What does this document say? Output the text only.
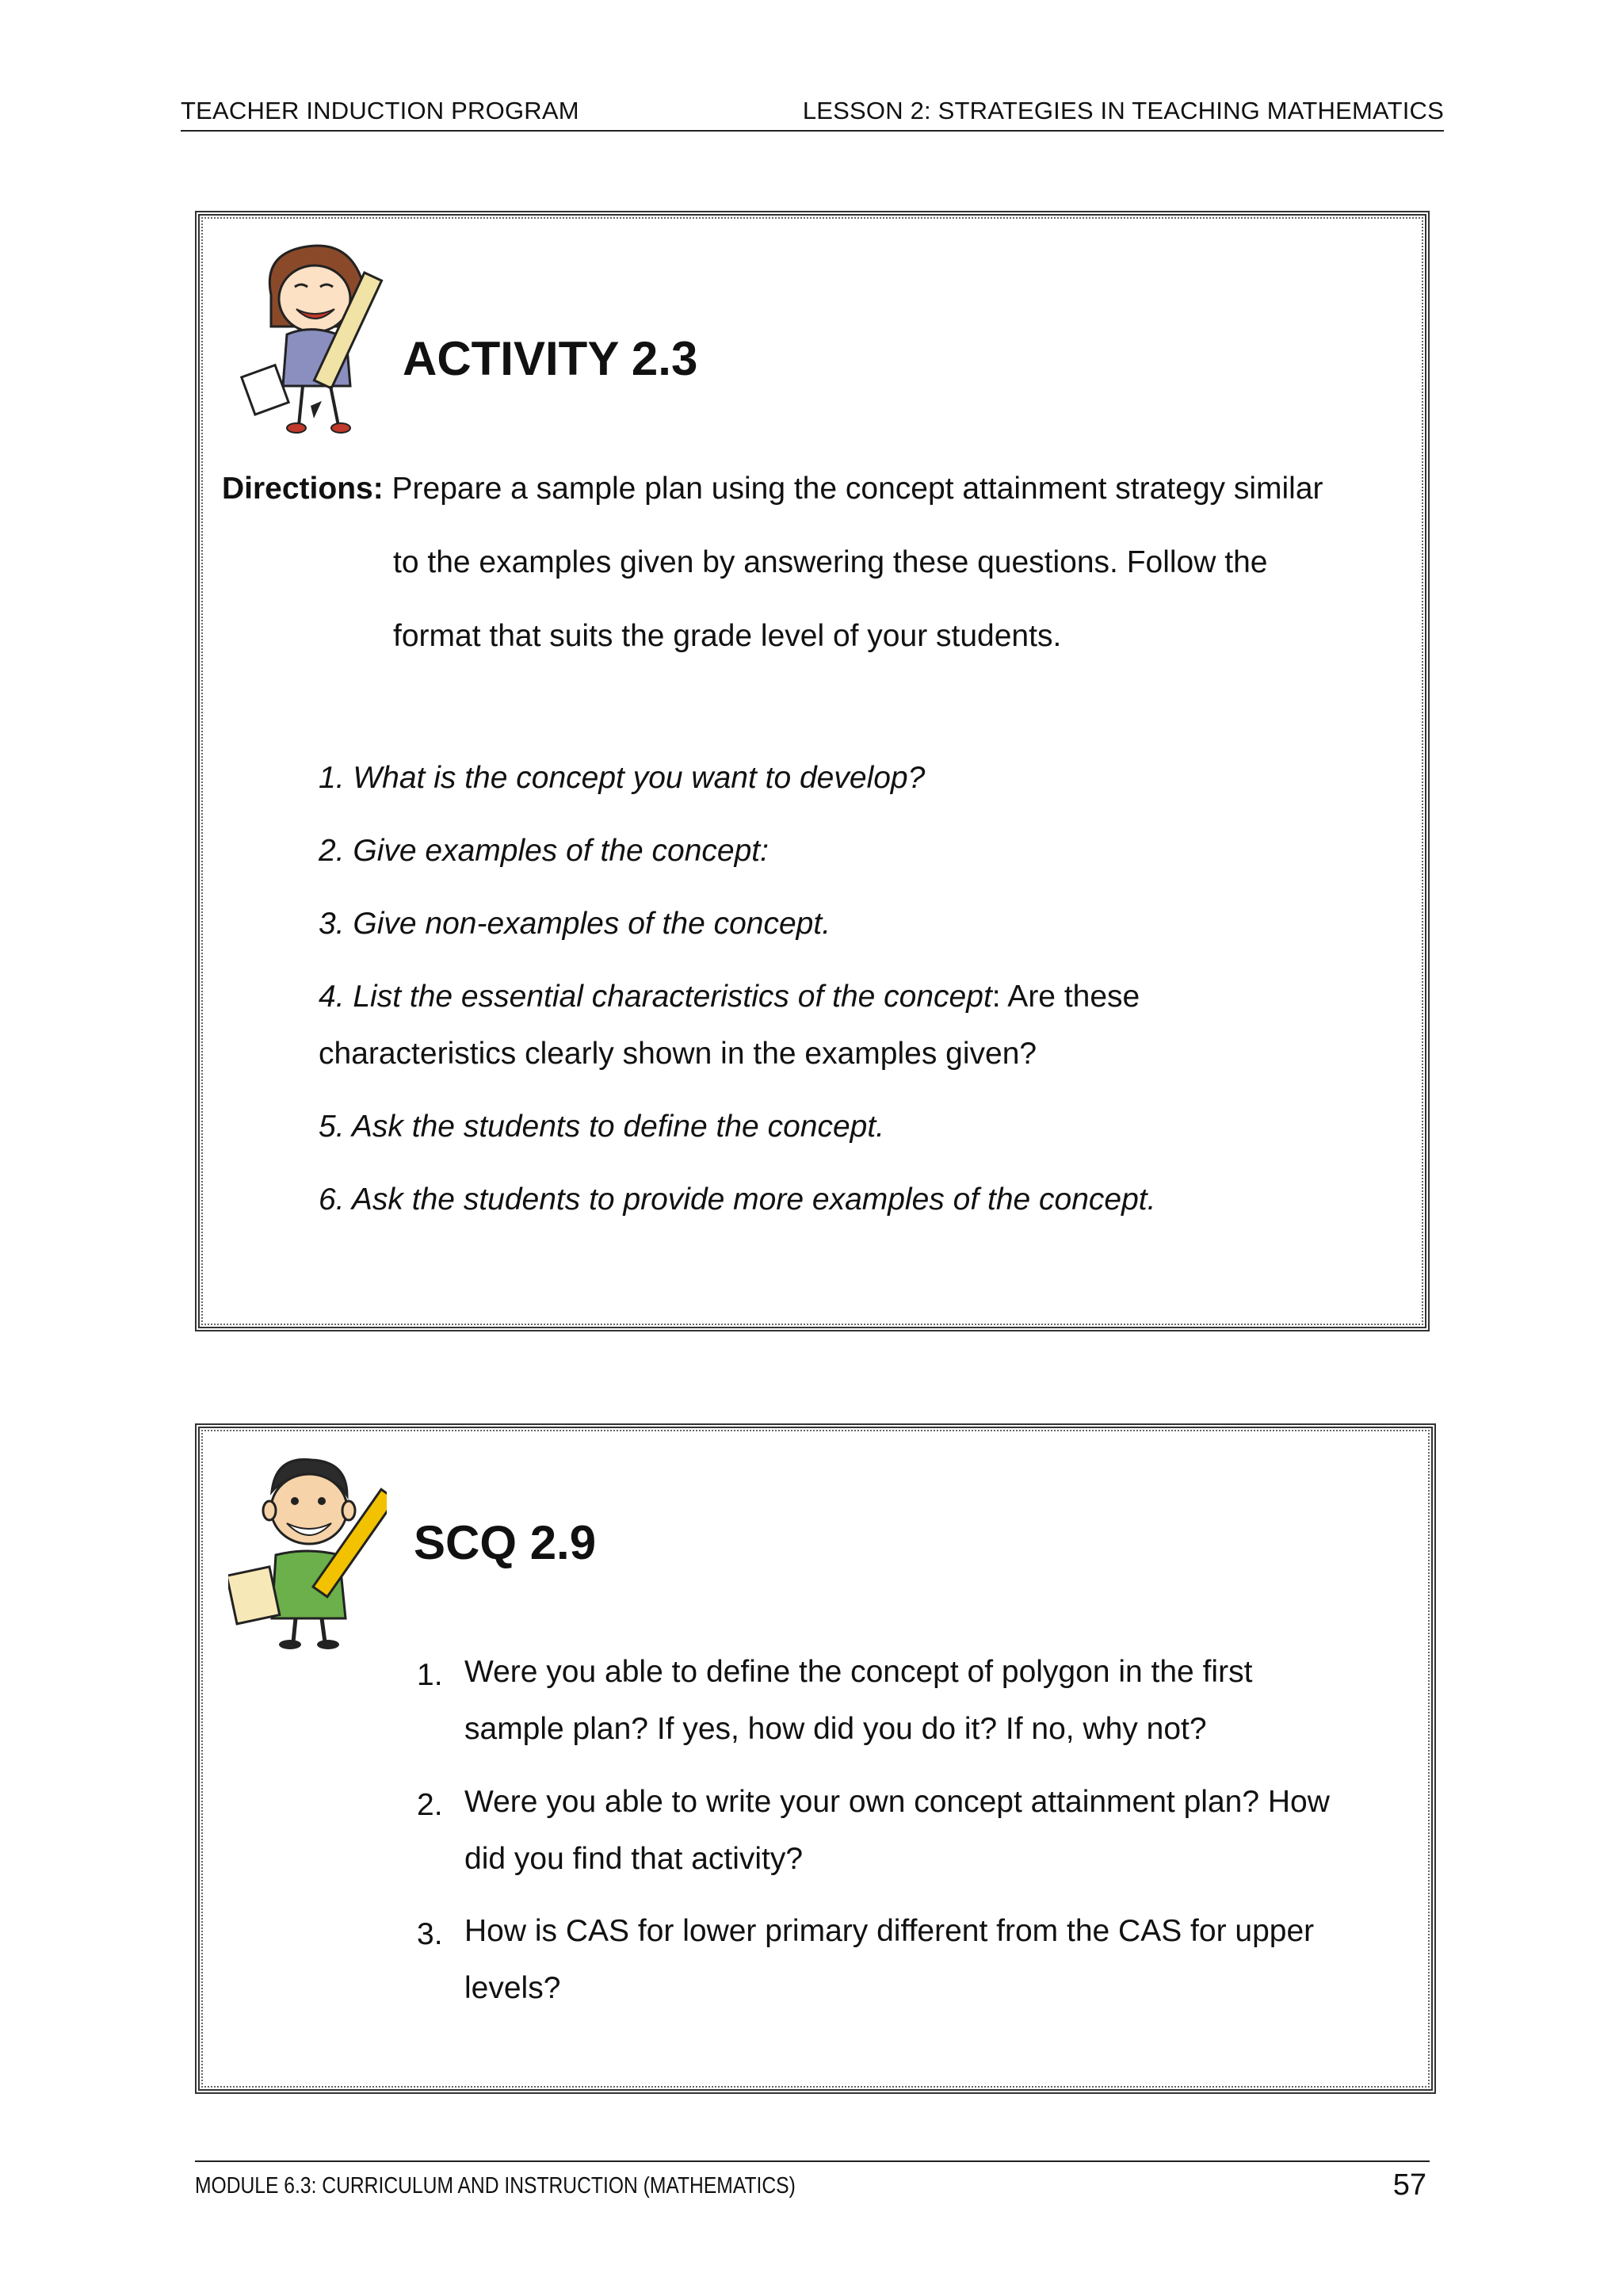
TEACHER INDUCTION PROGRAM	LESSON 2: STRATEGIES IN TEACHING MATHEMATICS
ACTIVITY 2.3
Directions: Prepare a sample plan using the concept attainment strategy similar
to the examples given by answering these questions. Follow the
format that suits the grade level of your students.
1. What is the concept you want to develop?
2. Give examples of the concept:
3. Give non-examples of the concept.
4. List the essential characteristics of the concept: Are these
characteristics clearly shown in the examples given?
5. Ask the students to define the concept.
6. Ask the students to provide more examples of the concept.
SCQ 2.9
1. Were you able to define the concept of polygon in the first
sample plan? If yes, how did you do it? If no, why not?
2. Were you able to write your own concept attainment plan? How
did you find that activity?
3. How is CAS for lower primary different from the CAS for upper
levels?
MODULE 6.3: CURRICULUM AND INSTRUCTION (MATHEMATICS)	57
